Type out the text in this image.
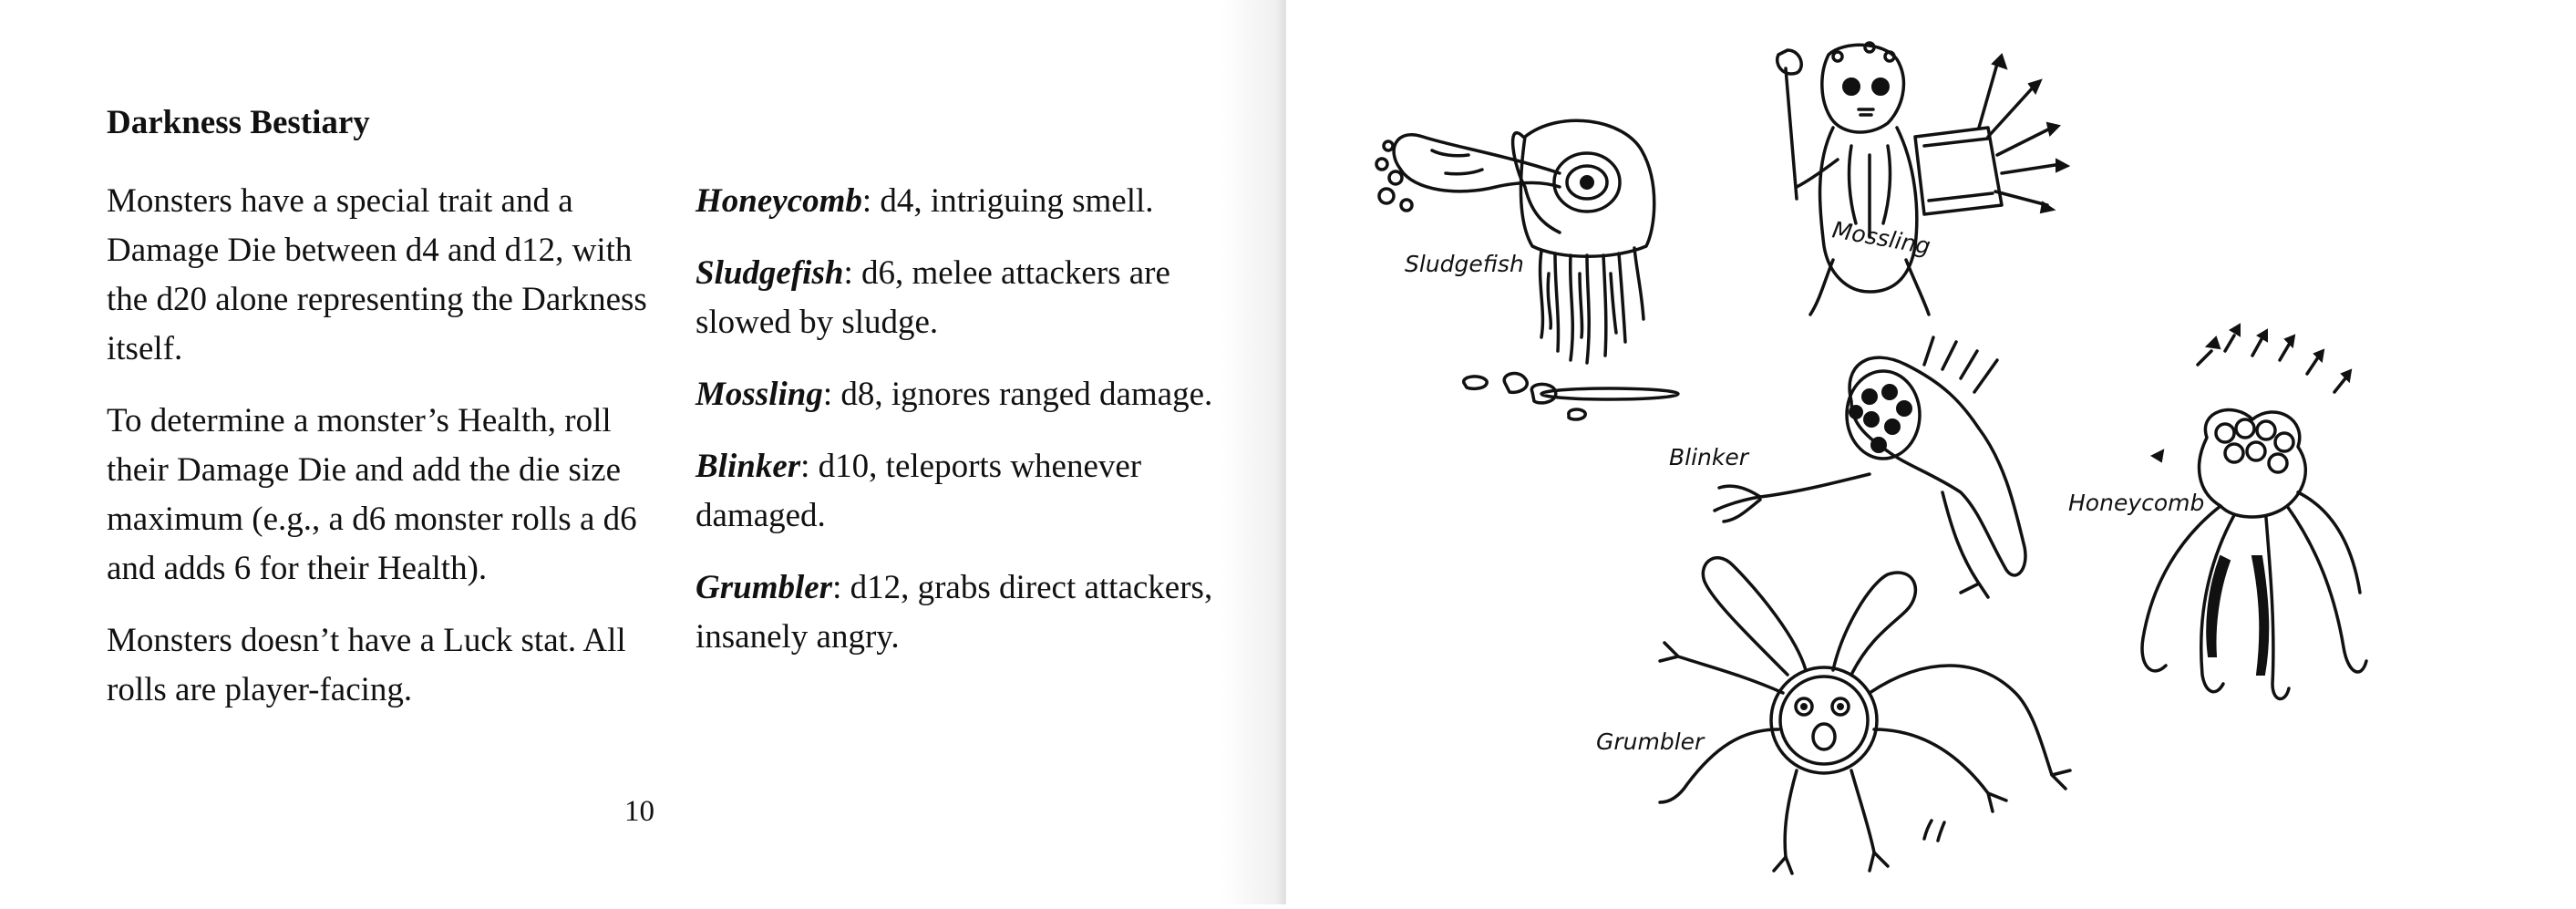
Darkness Bestiary

Monsters have a special trait and a Damage Die between d4 and d12, with the d20 alone representing the Darkness itself.

To determine a monster’s Health, roll their Damage Die and add the die size maximum (e.g., a d6 monster rolls a d6 and adds 6 for their Health).

Monsters doesn’t have a Luck stat. All rolls are player-facing.

Honeycomb: d4, intriguing smell.

Sludgefish: d6, melee attackers are slowed by sludge.

Mossling: d8, ignores ranged damage.

Blinker: d10, teleports whenever damaged.

Grumbler: d12, grabs direct attackers, insanely angry.

10
Sludgefish
Mossling
Blinker
Honeycomb
Grumbler
